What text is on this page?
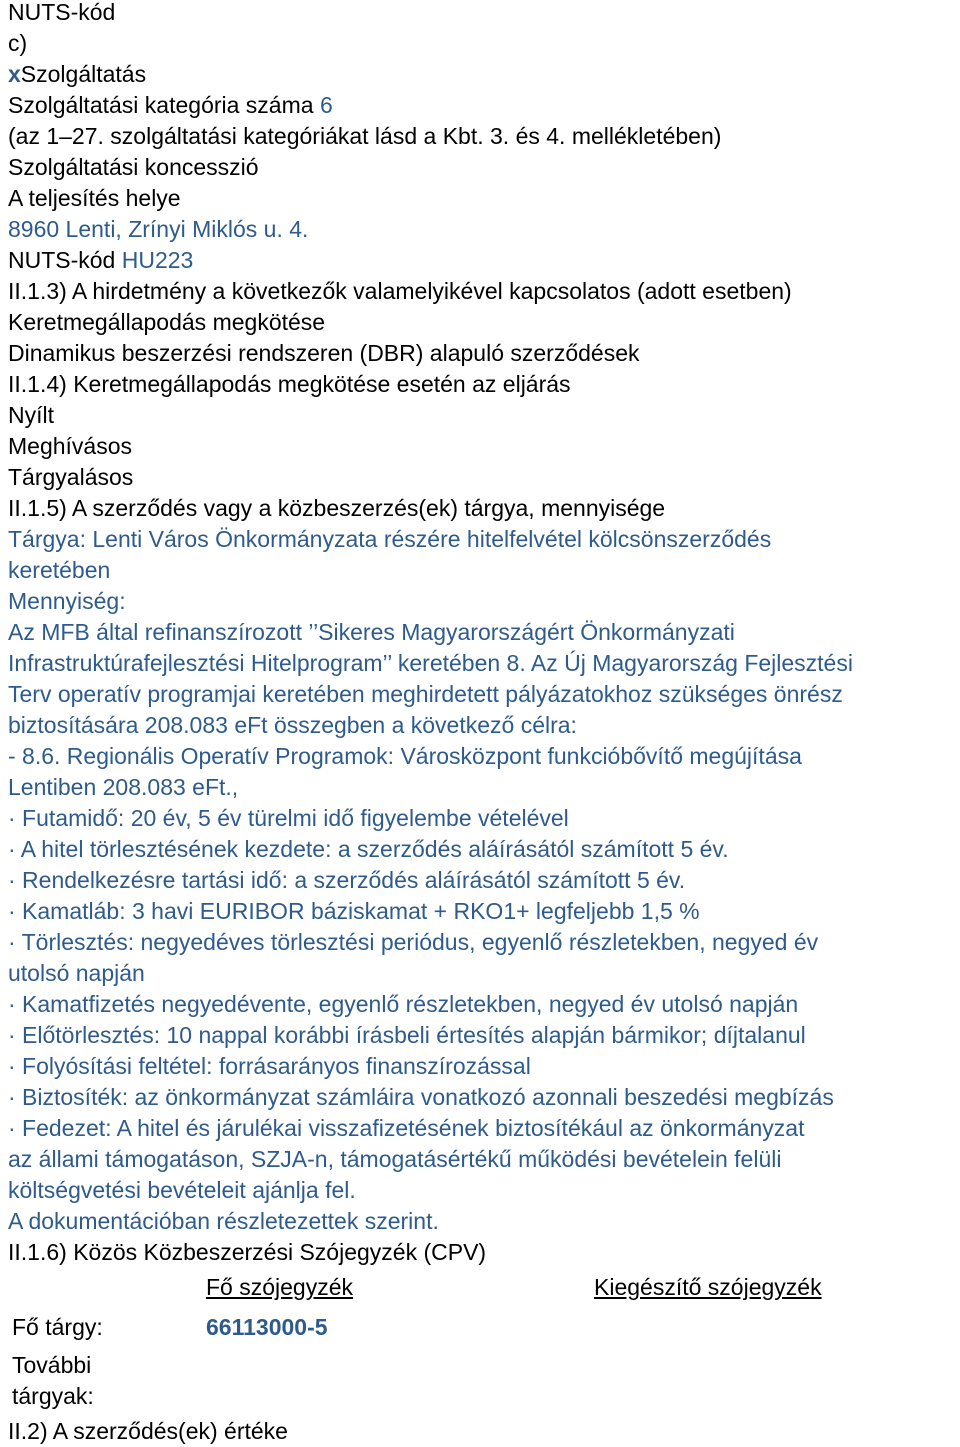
NUTS-kód
c)
xSzolgáltatás
Szolgáltatási kategória száma 6
(az 1–27. szolgáltatási kategóriákat lásd a Kbt. 3. és 4. mellékletében)
Szolgáltatási koncesszió
A teljesítés helye
8960 Lenti, Zrínyi Miklós u. 4.
NUTS-kód HU223
II.1.3) A hirdetmény a következők valamelyikével kapcsolatos (adott esetben)
Keretmegállapodás megkötése
Dinamikus beszerzési rendszeren (DBR) alapuló szerződések
II.1.4) Keretmegállapodás megkötése esetén az eljárás
Nyílt
Meghívásos
Tárgyalásos
II.1.5) A szerződés vagy a közbeszerzés(ek) tárgya, mennyisége
Tárgya: Lenti Város Önkormányzata részére hitelfelvétel kölcsönszerződés
keretében
Mennyiség:
Az MFB által refinanszírozott ’’Sikeres Magyarországért Önkormányzati
Infrastruktúrafejlesztési Hitelprogram’’ keretében 8. Az Új Magyarország Fejlesztési
Terv operatív programjai keretében meghirdetett pályázatokhoz szükséges önrész
biztosítására 208.083 eFt összegben a következő célra:
- 8.6. Regionális Operatív Programok: Városközpont funkcióbővítő megújítása
Lentiben 208.083 eFt.,
· Futamidő: 20 év, 5 év türelmi idő figyelembe vételével
· A hitel törlesztésének kezdete: a szerződés aláírásától számított 5 év.
· Rendelkezésre tartási idő: a szerződés aláírásától számított 5 év.
· Kamatláb: 3 havi EURIBOR báziskamat + RKO1+ legfeljebb 1,5 %
· Törlesztés: negyedéves törlesztési periódus, egyenlő részletekben, negyed év
utolsó napján
· Kamatfizetés negyedévente, egyenlő részletekben, negyed év utolsó napján
· Előtörlesztés: 10 nappal korábbi írásbeli értesítés alapján bármikor; díjtalanul
· Folyósítási feltétel: forrásarányos finanszírozással
· Biztosíték: az önkormányzat számláira vonatkozó azonnali beszedési megbízás
· Fedezet: A hitel és járulékai visszafizetésének biztosítékául az önkormányzat
az állami támogatáson, SZJA-n, támogatásértékű működési bevételein felüli
költségvetési bevételeit ajánlja fel.
A dokumentációban részletezettek szerint.
II.1.6) Közös Közbeszerzési Szójegyzék (CPV)
Fő szójegyzék	Kiegészítő szójegyzék
Fő tárgy:	66113000-5
További
tárgyak:
II.2) A szerződés(ek) értéke
